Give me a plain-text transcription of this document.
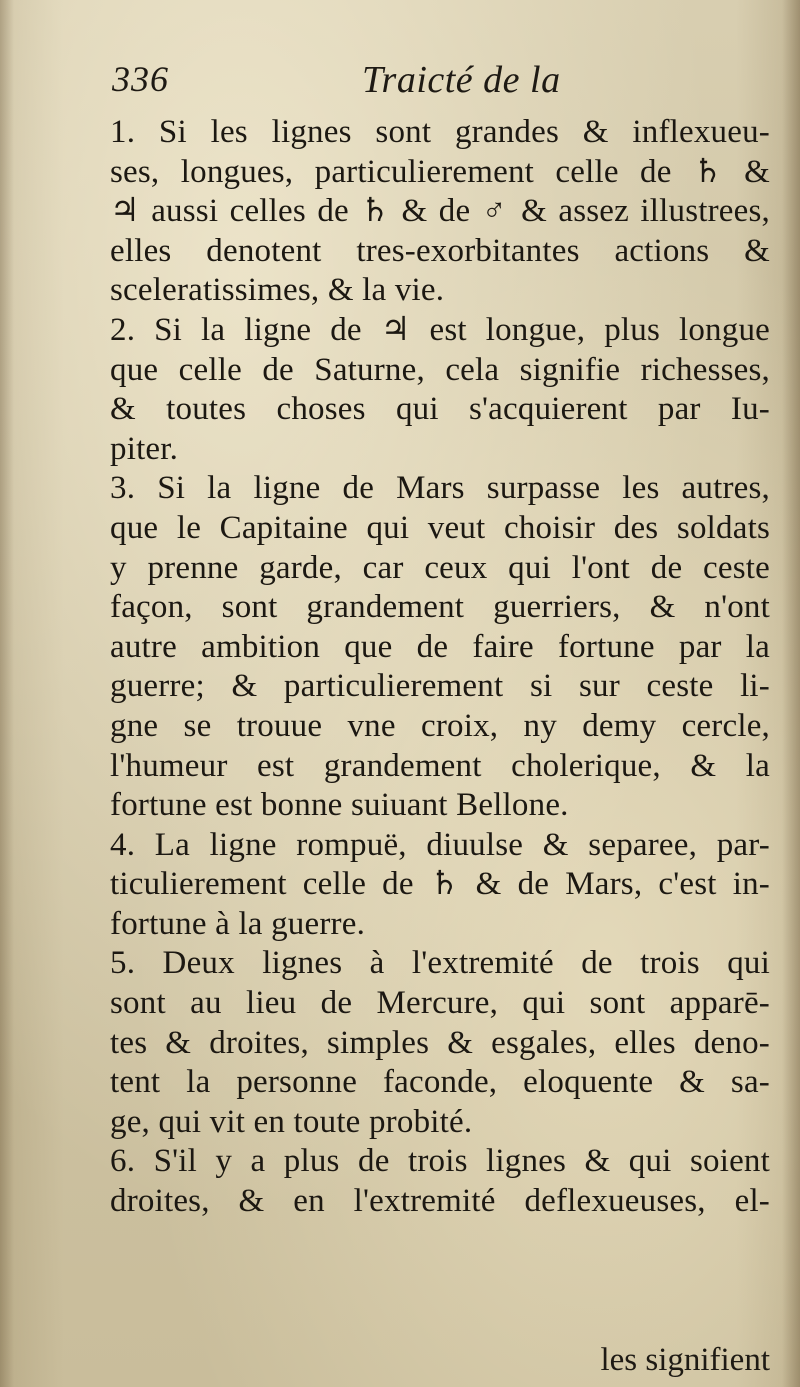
336	Traicté de la
1. Si les lignes sont grandes & inflexueu-
ses, longues, particulierement celle de ♄ &
♃ aussi celles de ♄ & de ♂ & assez illustrees,
elles denotent tres-exorbitantes actions &
sceleratissimes, & la vie.
2. Si la ligne de ♃ est longue, plus longue
que celle de Saturne, cela signifie richesses,
& toutes choses qui s'acquierent par Iu-
piter.
3. Si la ligne de Mars surpasse les autres,
que le Capitaine qui veut choisir des soldats
y prenne garde, car ceux qui l'ont de ceste
façon, sont grandement guerriers, & n'ont
autre ambition que de faire fortune par la
guerre; & particulierement si sur ceste li-
gne se trouue vne croix, ny demy cercle,
l'humeur est grandement cholerique, & la
fortune est bonne suiuant Bellone.
4. La ligne rompuë, diuulse & separee, par-
ticulierement celle de ♄ & de Mars, c'est in-
fortune à la guerre.
5. Deux lignes à l'extremité de trois qui
sont au lieu de Mercure, qui sont apparē-
tes & droites, simples & esgales, elles deno-
tent la personne faconde, eloquente & sa-
ge, qui vit en toute probité.
6. S'il y a plus de trois lignes & qui soient
droites, & en l'extremité deflexueuses, el-
les signifient
